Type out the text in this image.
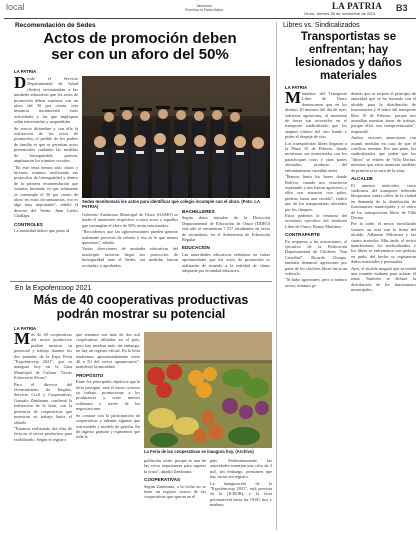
local	Vanedndo
Periódico la Patria Boliva	LA PATRIA
Oruro, viernes 26 de noviembre de 2021
B3
Recomendación de Sedes
Actos de promoción deben
ser con un aforo del 50%
LA PATRIA

Desde el Servicio Departamental de Salud (Sedes) recomiendan a las unidades educativas que los actos de promoción deben sujetarse con un aforo del 50 por ciento, esta instancia monitorearà estas actividades y las que impliquen señin intervenidas y suspendidas.

Se acerca diciembre y con ella la realización de los actos de promoción, el pedido de los padres de familia es que se permitan actos presenciales cuidando las medidas de bioseguridad; parecía, amplazaron los trámites sociales.

"En este tenía hemos sido claros y hicimos, estamos verificando sus protocolos de bioseguridad y dentro de la primera recomendación que estamos haciendo es que solamente se contemple el 50 por ciento de aforo en estas circunstancias, eso es algo muy importante", señaló el director del Sedes, Juan Carlos Challapa.

CONTROLES

La autoridad indicó que junto al

Sedes monitorearà los actos para identificar qué colegio incumple con el aforo. (Foto: LA PATRIA)

Gobierno Autónomo Municipal de Oruro (GAMO) se harán el monitoreo respectivo a estos actos y aquellos que incumplan el aforo de 50% serán sancionados.

"Recordemos que las aglomeraciones pueden generar realmente procesos de rebrote y eso es lo que menos queremos", añadió.

Varias direcciones de unidades educativas del municipio tuvieron llegar sus protocolos de bioseguridad ante el Sedes, sus medidas fueron revisadas, y aprobadas.

BACHILLERES

Según datos iniciales de la Dirección Departamental de Educación de Oruro (DDEO) este año se encuentran 7 517 estudiantes en sexto de secundaria, en el Subsistema de Educación Regular.

EDUCACIÓN

Las autoridades educativas señalaron en varias oportunidades que los actos de promoción se realizarán de acuerdo a la realidad de clases adoptada por la unidad educativa.

En la Expofencoop 2021
Más de 40 cooperativas productivas
podrán mostrar su potencial
LA PATRIA

Más de 40 cooperativas del sector productivo podrán mostrar su potencial y trabajo durante los dos jornadas de la Expo Feria "Expofencoop 2021", que se inaugura hoy en la Casa Municipal de Cultura "Javier Echeverría Alvaro".

Para el director del viceministerio de Empleo, Servicio Civil y Cooperativas, Gonzalo Zambrana, confirmó la realización de la feria, con la presencia de cooperativas que muestran su trabajo hacia el sábado.

"Estamos realizando dos días de feria en el sector productivo para visibilizarlo. Según el registro

que tenemos son más de dos mil cooperativas afiliadas en el país, pero hay muchas más, sin embargo, no hay un registro oficial. En la feria tendremos aproximadamente entre 40 a 50 del sector agropecuario", manifestó la autoridad.

PROPÓSITO

Entre los principales objetivos que la feria persigue, está el hacer conocer su trabajo, promocionar a los productores y crear nuevos eslabones a través de las negociaciones.

Se contará con la participación de cooperativas y además algunas que son modelo y modelo de gestión. En de ingreso gratuito y esperamos que toda la

La Feria de las cooperativas se inaugura hoy. (Archivo)

población visite, porque es una de las veces importantes para superar la crisis", añadió Zambrana.

COOPERATIVAS

Según Zambrana, a la fecha no se tiene un registro exacto de las cooperativas que operan en el

país. Preliminarmente las autoridades manejan una cifra de 2 mil, sin embargo, presumen que hay varias sin registro.

La inauguración de la "Expofencoop 2021", está prevista en la (ICBOB), y la feria permanecerá hasta las 19:00, hoy y mañana.

Libres vs. Sindicalizados
Transportistas se
enfrentan; hay
lesionados y daños
materiales
LA PATRIA

Miembros del Transporte Libre de Oruro denunciaron que en los últimos 30 minutos del día de ayer, sufrieron agresiones, al momento de hacer sus recorridos en el transporte sindicalizado que los ataques viniero del otro bando y piden el despeje de vías.

Los transportistas libres llegaron a la Plaza 10 de Febrero, donde mostraron sus motorizados con los parachoques rotos y otras partes afectadas, producto del enfrentamiento sucedido antes.

"Íbamos hasta los buses donde Bolivia, cuando nos estuvieron esperando y nos fueron agresivos, y ellos nos atacaron con palos, piedras, hasta una corrido", indicó uno de los transportistas afectados por los choques.

Estos pedimos la renuncia del secretario ejecutivo del sindicato Libre de Oruro, Boney Martínez.

CONTRAPARTE

En respuesta a las acusaciones, el ejecutivo de la Federación Departamental de Choferes "San Cristóbal", Ricardo Choque, también denunció agresiones por parte de los choferes libres hacia un vehículo.

"Si hubo agresiones, pero a nuestro sector, estamos pi-

diendo que se respete el principio de autoridad que se ha formado con el alcalde para la distribución de funcionarios y el retiro del transporte libre 10 de Febrero, porque nos avasallan nuestras áreas de trabajo, porque ellos son interprovinciales", respondió.

Ambos sectores anunciaron con asumir medidas en caso de que el conflicto termine. Por una parte, los sindicalizados que piden que los "libres" se retiren de Villa Dorina, mientras que estos anuncian medidas de presión si se saca de la zona.

ALCALDE

El anterior miércoles, curso sindicatos del transporte federado bloquearon varias calles de la ciudad en demanda de la distribución de funcionarios municipales y el retiro de los transportistas libres de Villa Dorina.

Por la tarde, el sector movilizado sostuvo un acta con la firma del alcalde, Adhemar Wilcarani y las cuatro acuerdos. Más tarde, el sector manifestaron, los sindicalizados, y los libres se enfrentaron con pedicas en puño, del hecho se registraron daños materiales y personales.

Ayer, el alcalde aseguró que se tendrá una reunión mañana para aclarar el tema. También se definió la distribución de los funcionarios municipales.
